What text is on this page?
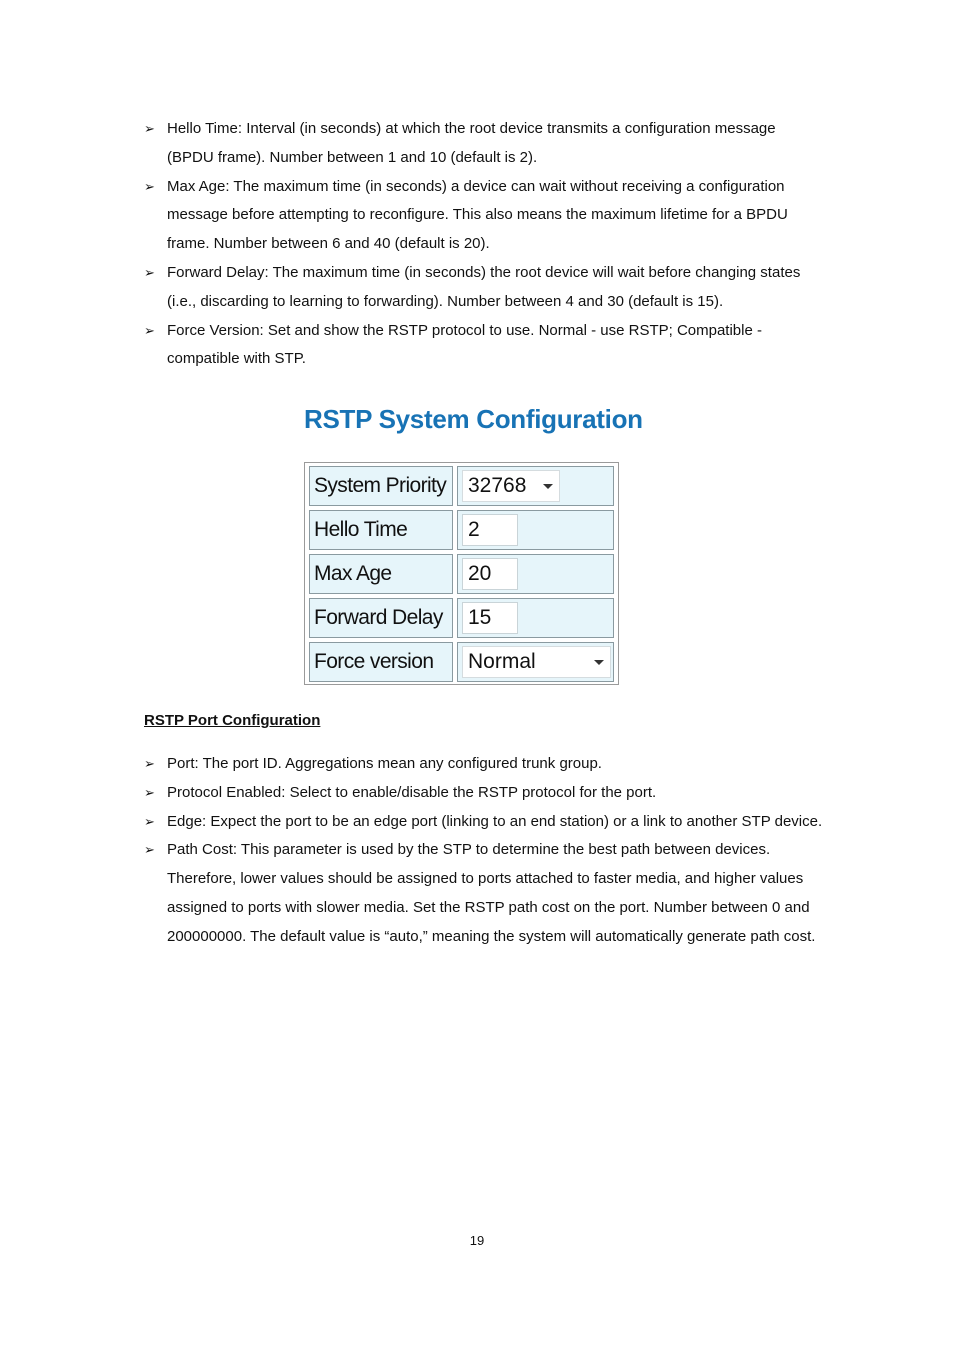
➢ Hello Time: Interval (in seconds) at which the root device transmits a configuration message (BPDU frame). Number between 1 and 10 (default is 2).
➢ Max Age: The maximum time (in seconds) a device can wait without receiving a configuration message before attempting to reconfigure. This also means the maximum lifetime for a BPDU frame. Number between 6 and 40 (default is 20).
➢ Forward Delay: The maximum time (in seconds) the root device will wait before changing states (i.e., discarding to learning to forwarding). Number between 4 and 30 (default is 15).
➢ Force Version: Set and show the RSTP protocol to use. Normal - use RSTP; Compatible - compatible with STP.
RSTP System Configuration
System Priority	32768
Hello Time	2
Max Age	20
Forward Delay	15
Force version	Normal
RSTP Port Configuration
➢ Port: The port ID. Aggregations mean any configured trunk group.
➢ Protocol Enabled: Select to enable/disable the RSTP protocol for the port.
➢ Edge: Expect the port to be an edge port (linking to an end station) or a link to another STP device.
➢ Path Cost: This parameter is used by the STP to determine the best path between devices. Therefore, lower values should be assigned to ports attached to faster media, and higher values assigned to ports with slower media. Set the RSTP path cost on the port. Number between 0 and 200000000. The default value is “auto,” meaning the system will automatically generate path cost.
19
